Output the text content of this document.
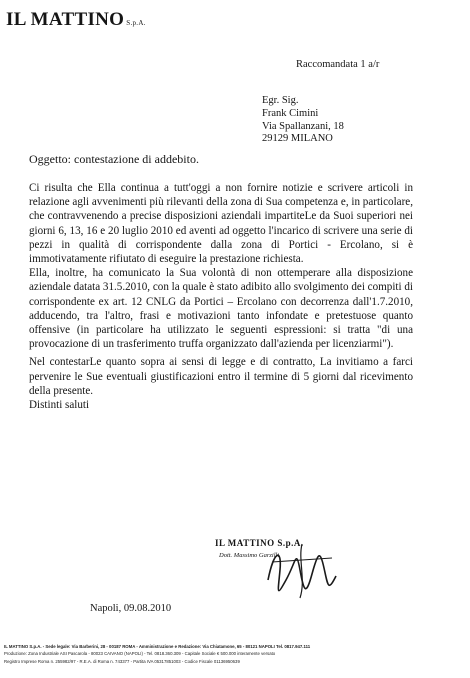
IL MATTINO S.p.A.
Raccomandata 1 a/r
Egr. Sig.
Frank Cimini
Via Spallanzani, 18
29129 MILANO
Oggetto: contestazione di addebito.

Ci risulta che Ella continua a tutt'oggi a non fornire notizie e scrivere articoli in relazione agli avvenimenti più rilevanti della zona di Sua competenza e, in particolare, che contravvenendo a precise disposizioni aziendali impartiteLe da Suoi superiori nei giorni 6, 13, 16 e 20 luglio 2010 ed aventi ad oggetto l'incarico di scrivere una serie di pezzi in qualità di corrispondente dalla zona di Portici - Ercolano, si è immotivatamente rifiutato di eseguire la prestazione richiesta.

Ella, inoltre, ha comunicato la Sua volontà di non ottemperare alla disposizione aziendale datata 31.5.2010, con la quale è stato adibito allo svolgimento dei compiti di corrispondente ex art. 12 CNLG da Portici – Ercolano con decorrenza dall'1.7.2010, adducendo, tra l'altro, frasi e motivazioni tanto infondate e pretestuose quanto offensive (in particolare ha utilizzato le seguenti espressioni: si tratta "di una provocazione di un trasferimento truffa organizzato dall'azienda per licenziarmi").

Nel contestarLe quanto sopra ai sensi di legge e di contratto, La invitiamo a farci pervenire le Sue eventuali giustificazioni entro il termine di 5 giorni dal ricevimento della presente.

Distinti saluti

IL MATTINO S.p.A.
Dott. Massimo Garzilli
Napoli, 09.08.2010
IL MATTINO S.p.A. - Sede legale: Via Barberini, 28 - 00187 ROMA - Amministrazione e Redazione: Via Chiatamone, 65 - 80121 NAPOLI Tel. 0817.947.111
Produzione: Zona Industriale ASI Pascarola - 80023 CAIVANO (NAPOLI) - Tel. 0818.360.309 - Capitale Sociale € 500.000 interamente versato
Registro Imprese Roma n. 255982/97 - R.E.A. di Roma n. 743377 - Partita IVA 05317851003 - Codice Fiscale 01136950639
